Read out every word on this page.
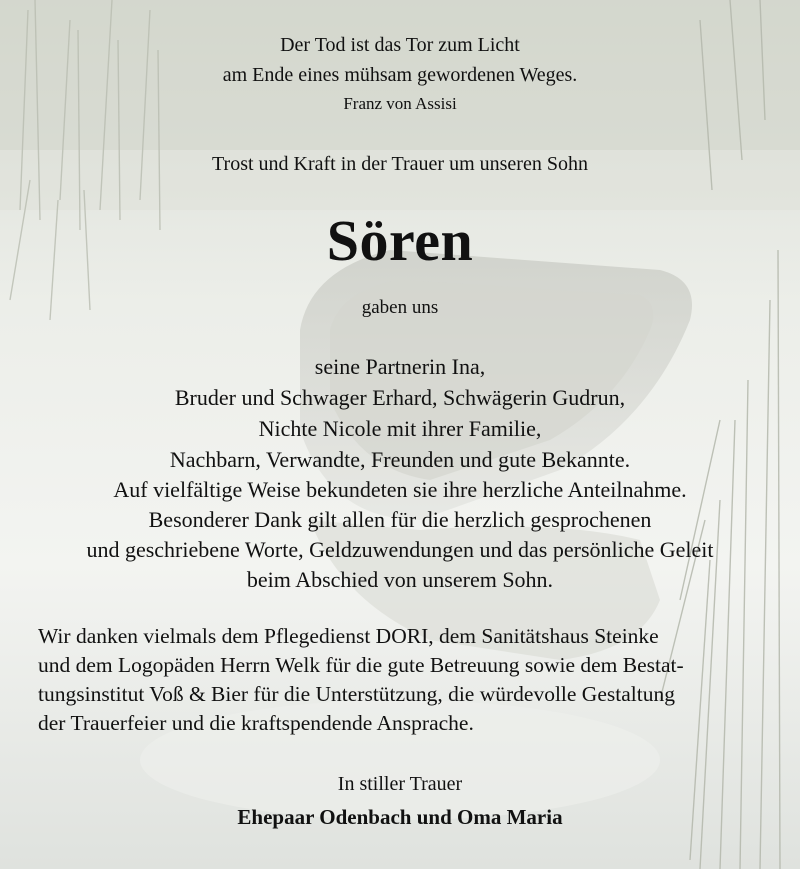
Der Tod ist das Tor zum Licht
am Ende eines mühsam gewordenen Weges.
Franz von Assisi
Trost und Kraft in der Trauer um unseren Sohn
Sören
gaben uns
seine Partnerin Ina,
Bruder und Schwager Erhard, Schwägerin Gudrun,
Nichte Nicole mit ihrer Familie,
Nachbarn, Verwandte, Freunden und gute Bekannte.
Auf vielfältige Weise bekundeten sie ihre herzliche Anteilnahme.
Besonderer Dank gilt allen für die herzlich gesprochenen
und geschriebene Worte, Geldzuwendungen und das persönliche Geleit
beim Abschied von unserem Sohn.
Wir danken vielmals dem Pflegedienst DORI, dem Sanitätshaus Steinke
und dem Logopäden Herrn Welk für die gute Betreuung sowie dem Bestat-
tungsinstitut Voß & Bier für die Unterstützung, die würdevolle Gestaltung
der Trauerfeier und die kraftspendende Ansprache.
In stiller Trauer
Ehepaar Odenbach und Oma Maria
